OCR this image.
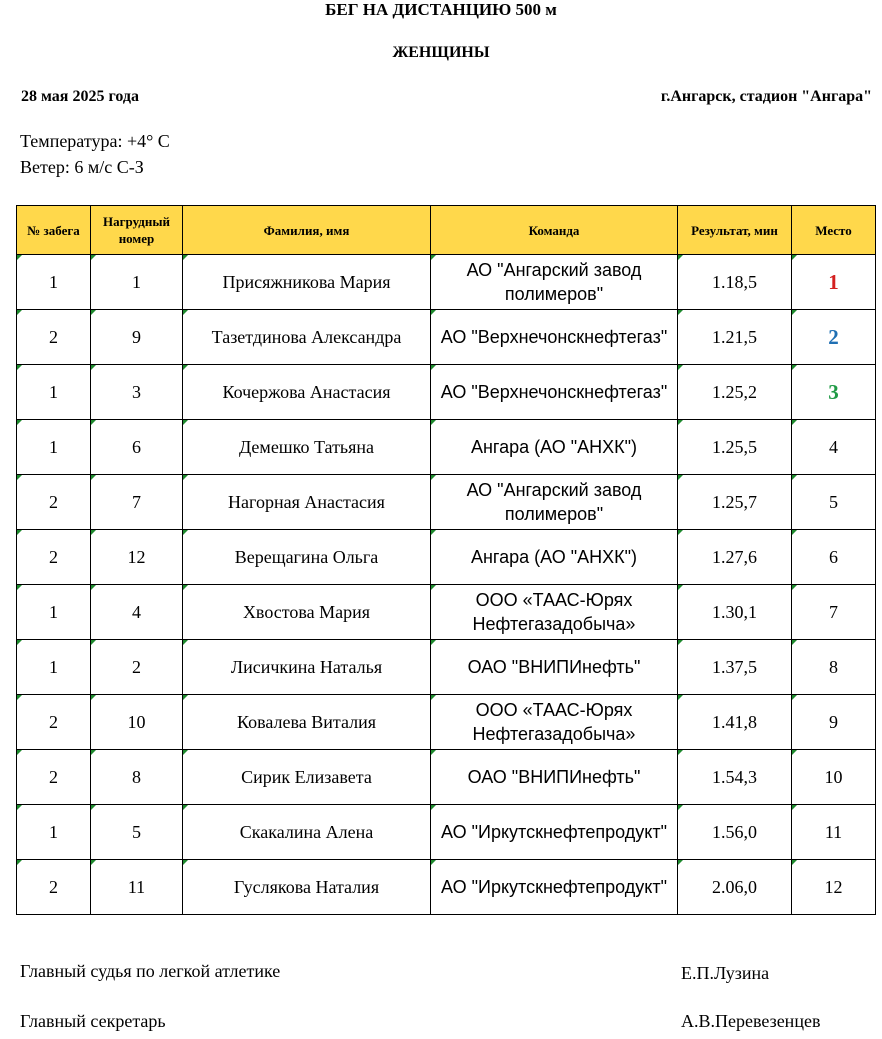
БЕГ НА ДИСТАНЦИЮ 500 м
ЖЕНЩИНЫ
28 мая 2025 года	г.Ангарск, стадион "Ангара"
Температура: +4° С
Ветер: 6 м/с С-З
№ забега	Нагрудный
номер	Фамилия, имя	Команда	Результат, мин	Место
1	1	Присяжникова Мария	АО "Ангарский завод
полимеров"	1.18,5	1
2	9	Тазетдинова Александра	АО "Верхнечонскнефтегаз"	1.21,5	2
1	3	Кочержова Анастасия	АО "Верхнечонскнефтегаз"	1.25,2	3
1	6	Демешко Татьяна	Ангара (АО "АНХК")	1.25,5	4
2	7	Нагорная Анастасия	АО "Ангарский завод
полимеров"	1.25,7	5
2	12	Верещагина Ольга	Ангара (АО "АНХК")	1.27,6	6
1	4	Хвостова Мария	ООО «ТААС-Юрях
Нефтегазадобыча»	1.30,1	7
1	2	Лисичкина Наталья	ОАО "ВНИПИнефть"	1.37,5	8
2	10	Ковалева Виталия	ООО «ТААС-Юрях
Нефтегазадобыча»	1.41,8	9
2	8	Сирик Елизавета	ОАО "ВНИПИнефть"	1.54,3	10
1	5	Скакалина Алена	АО "Иркутскнефтепродукт"	1.56,0	11
2	11	Гуслякова Наталия	АО "Иркутскнефтепродукт"	2.06,0	12
Главный судья по легкой атлетике	Е.П.Лузина
Главный секретарь	А.В.Перевезенцев
